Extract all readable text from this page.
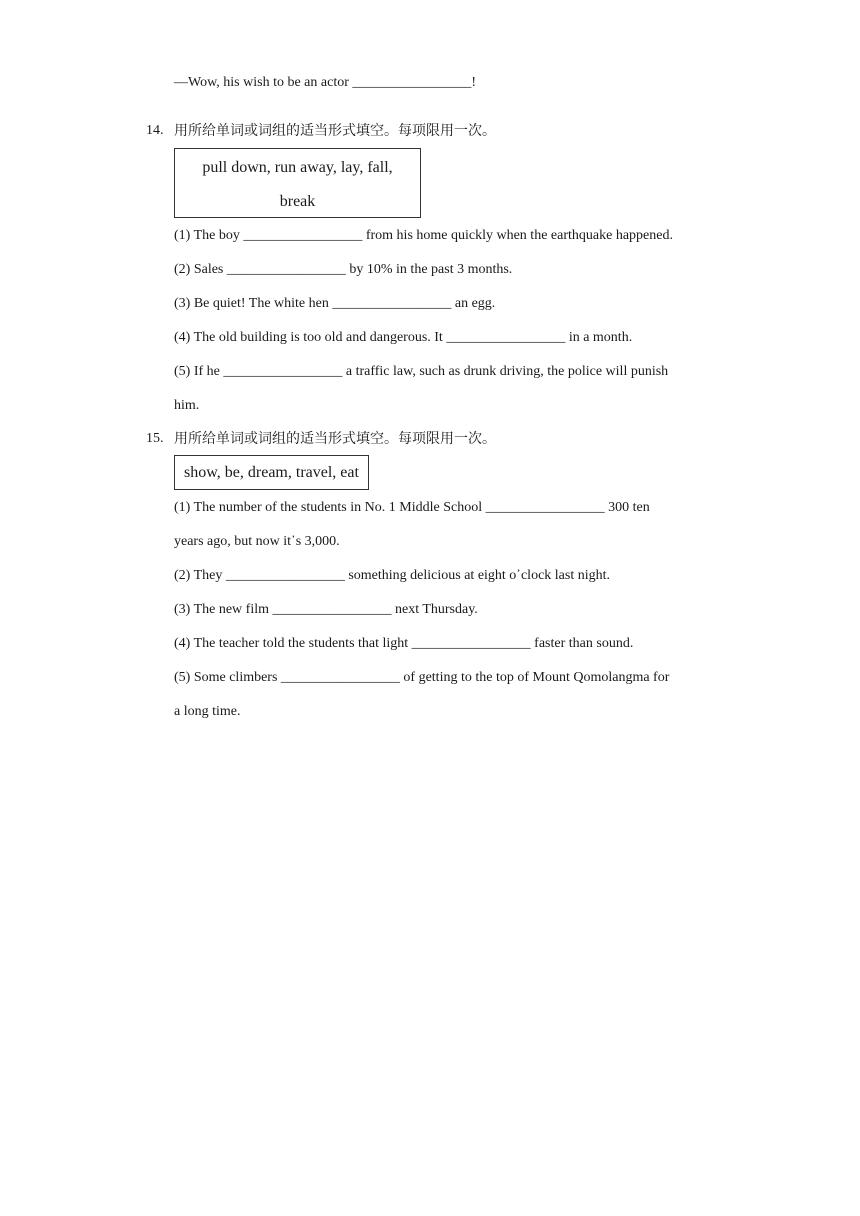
—Wow, his wish to be an actor _________________!
14. 用所给单词或词组的适当形式填空。每项限用一次。
pull down, run away, lay, fall,
break
(1) The boy _________________ from his home quickly when the earthquake happened.
(2) Sales _________________ by 10% in the past 3 months.
(3) Be quiet! The white hen _________________ an egg.
(4) The old building is too old and dangerous. It _________________ in a month.
(5) If he _________________ a traffic law, such as drunk driving, the police will punish
him.
15. 用所给单词或词组的适当形式填空。每项限用一次。
show, be, dream, travel, eat
(1) The number of the students in No. 1 Middle School _________________ 300 ten
years ago, but now it᾽s 3,000.
(2) They _________________ something delicious at eight o᾽clock last night.
(3) The new film _________________ next Thursday.
(4) The teacher told the students that light _________________ faster than sound.
(5) Some climbers _________________ of getting to the top of Mount Qomolangma for
a long time.
